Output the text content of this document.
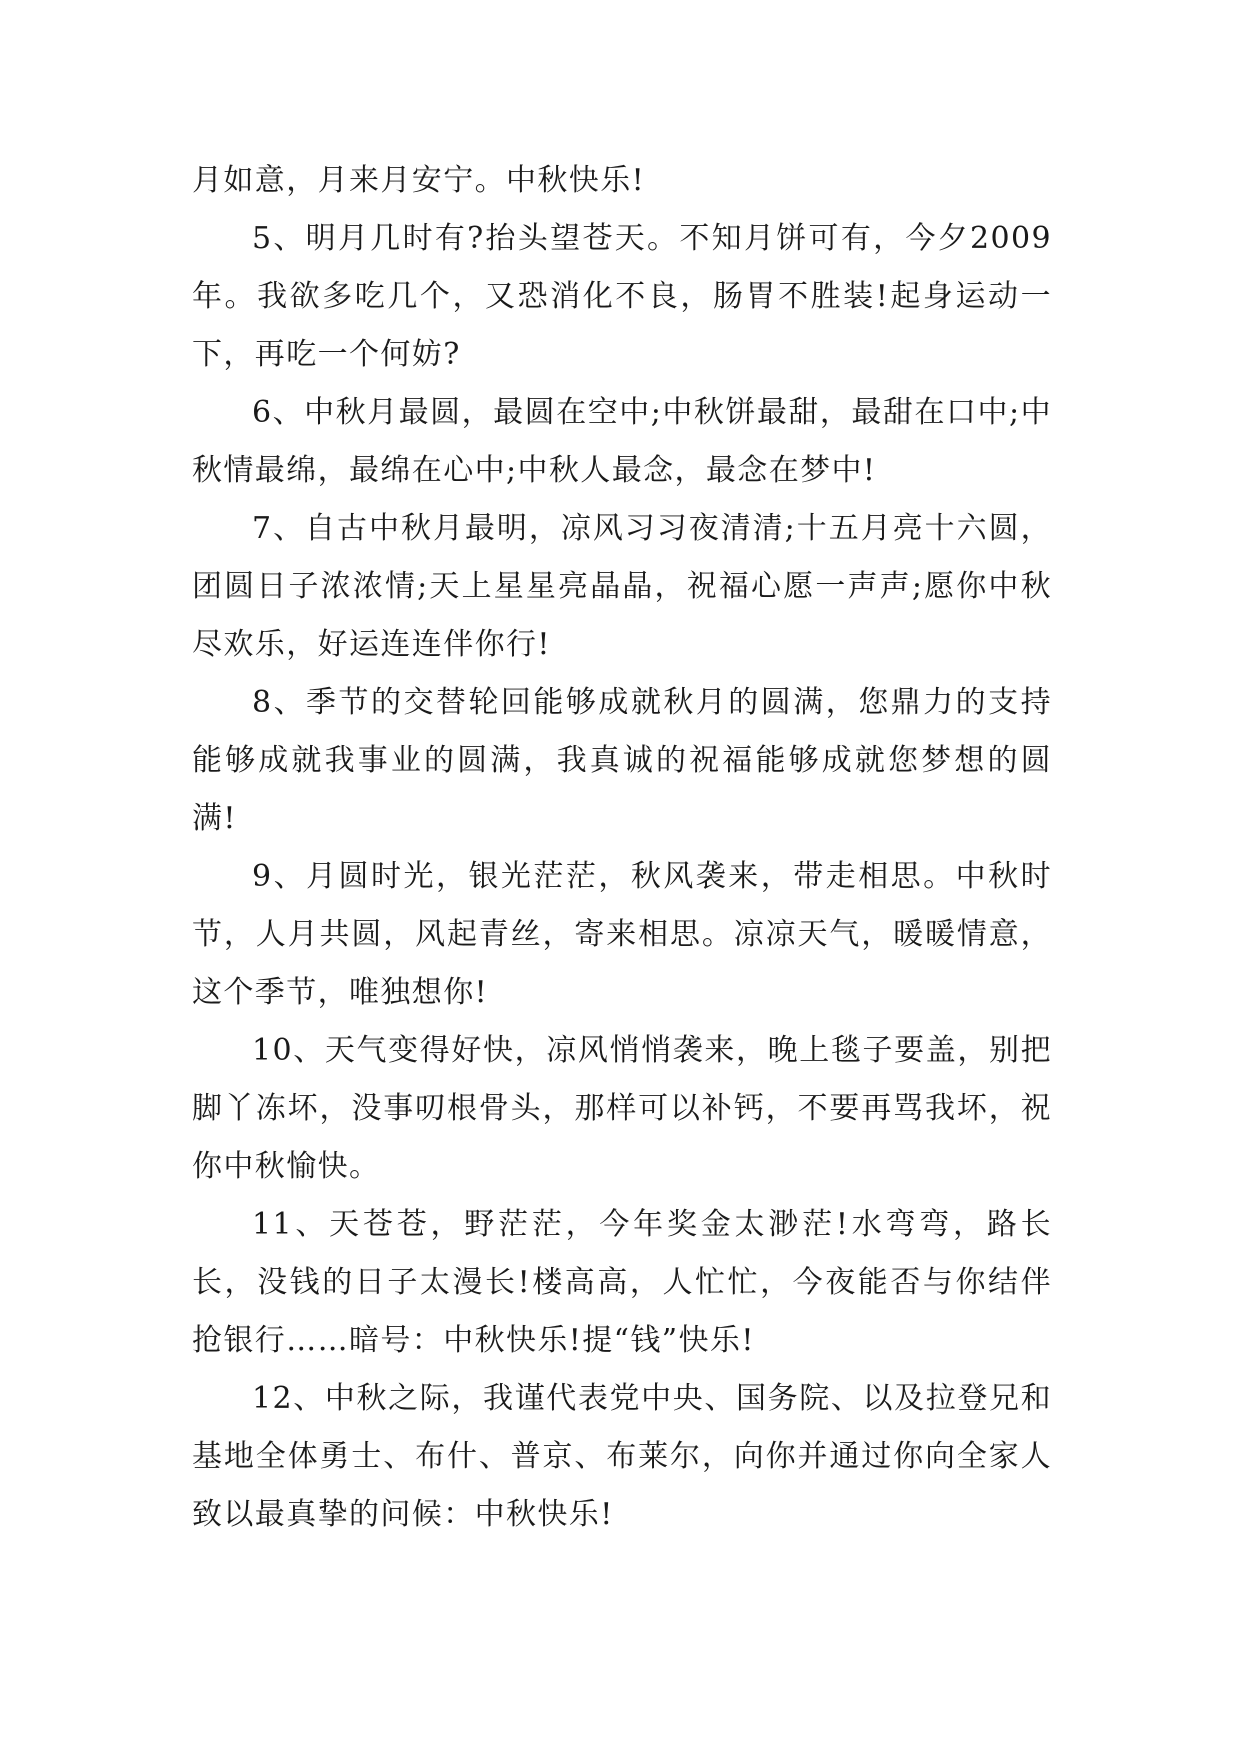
月如意，月来月安宁。中秋快乐!

5、明月几时有?抬头望苍天。不知月饼可有，今夕2009年。我欲多吃几个，又恐消化不良，肠胃不胜装!起身运动一下，再吃一个何妨?

6、中秋月最圆，最圆在空中;中秋饼最甜，最甜在口中;中秋情最绵，最绵在心中;中秋人最念，最念在梦中!

7、自古中秋月最明，凉风习习夜清清;十五月亮十六圆，团圆日子浓浓情;天上星星亮晶晶，祝福心愿一声声;愿你中秋尽欢乐，好运连连伴你行!

8、季节的交替轮回能够成就秋月的圆满，您鼎力的支持能够成就我事业的圆满，我真诚的祝福能够成就您梦想的圆满!

9、月圆时光，银光茫茫，秋风袭来，带走相思。中秋时节，人月共圆，风起青丝，寄来相思。凉凉天气，暖暖情意，这个季节，唯独想你!

10、天气变得好快，凉风悄悄袭来，晚上毯子要盖，别把脚丫冻坏，没事叨根骨头，那样可以补钙，不要再骂我坏，祝你中秋愉快。

11、天苍苍，野茫茫，今年奖金太渺茫!水弯弯，路长长，没钱的日子太漫长!楼高高，人忙忙，今夜能否与你结伴抢银行……暗号：中秋快乐!提“钱”快乐!

12、中秋之际，我谨代表党中央、国务院、以及拉登兄和基地全体勇士、布什、普京、布莱尔，向你并通过你向全家人致以最真挚的问候：中秋快乐!
